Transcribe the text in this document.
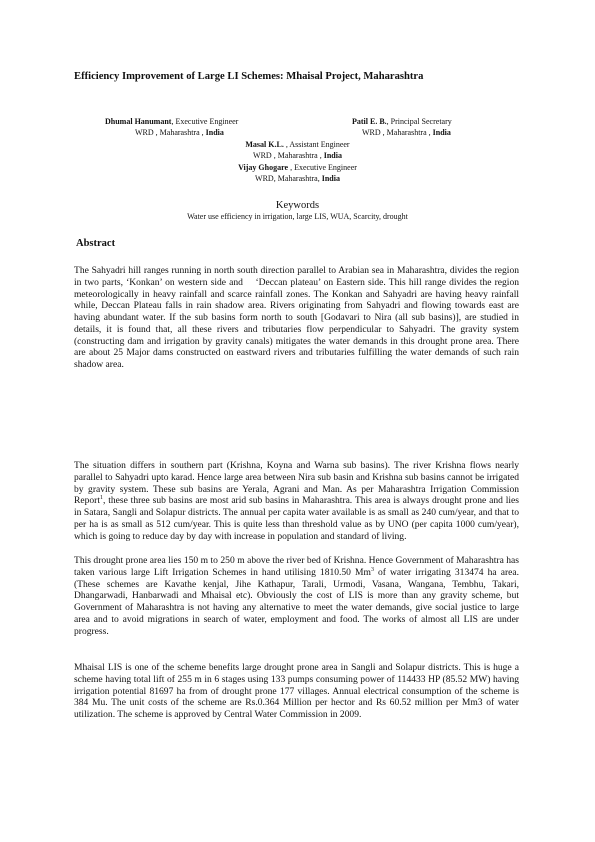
Efficiency Improvement of Large LI Schemes: Mhaisal Project, Maharashtra
Dhumal Hanumant, Executive Engineer
WRD , Maharashtra , India
Patil E. B., Principal Secretary
WRD , Maharashtra , India
Masal K.L. , Assistant Engineer
WRD , Maharashtra , India
Vijay Ghogare , Executive Engineer
WRD, Maharashtra, India
Keywords
Water use efficiency in irrigation, large LIS, WUA, Scarcity, drought
Abstract

The Sahyadri hill ranges running in north south direction parallel to Arabian sea in Maharashtra, divides the region in two parts, ‘Konkan’ on western side and    ‘Deccan plateau’ on Eastern side. This hill range divides the region meteorologically in heavy rainfall and scarce rainfall zones. The Konkan and Sahyadri are having heavy rainfall while, Deccan Plateau falls in rain shadow area. Rivers originating from Sahyadri and flowing towards east are having abundant water. If the sub basins form north to south [Godavari to Nira (all sub basins)], are studied in details, it is found that, all these rivers and tributaries flow perpendicular to Sahyadri. The gravity system (constructing dam and irrigation by gravity canals) mitigates the water demands in this drought prone area. There are about 25 Major dams constructed on eastward rivers and tributaries fulfilling the water demands of such rain shadow area.

The situation differs in southern part (Krishna, Koyna and Warna sub basins). The river Krishna flows nearly parallel to Sahyadri upto karad. Hence large area between Nira sub basin and Krishna sub basins cannot be irrigated by gravity system. These sub basins are Yerala, Agrani and Man. As per Maharashtra Irrigation Commission Report$^1$, these three sub basins are most arid sub basins in Maharashtra. This area is always drought prone and lies in Satara, Sangli and Solapur districts. The annual per capita water available is as small as 240 cum/year, and that to per ha is as small as 512 cum/year. This is quite less than threshold value as by UNO (per capita 1000 cum/year), which is going to reduce day by day with increase in population and standard of living.

This drought prone area lies 150 m to 250 m above the river bed of Krishna. Hence Government of Maharashtra has taken various large Lift Irrigation Schemes in hand utilising 1810.50 Mm$^3$ of water irrigating 313474 ha area. (These schemes are Kavathe kenjal, Jihe Kathapur, Tarali, Urmodi, Vasana, Wangana, Tembhu, Takari, Dhangarwadi, Hanbarwadi and Mhaisal etc). Obviously the cost of LIS is more than any gravity scheme, but Government of Maharashtra is not having any alternative to meet the water demands, give social justice to large area and to avoid migrations in search of water, employment and food. The works of almost all LIS are under progress.

Mhaisal LIS is one of the scheme benefits large drought prone area in Sangli and Solapur districts. This is huge a scheme having total lift of 255 m in 6 stages using 133 pumps consuming power of 114433 HP (85.52 MW) having irrigation potential 81697 ha from of drought prone 177 villages. Annual electrical consumption of the scheme is 384 Mu. The unit costs of the scheme are Rs.0.364 Million per hector and Rs 60.52 million per Mm3 of water utilization. The scheme is approved by Central Water Commission in 2009.
